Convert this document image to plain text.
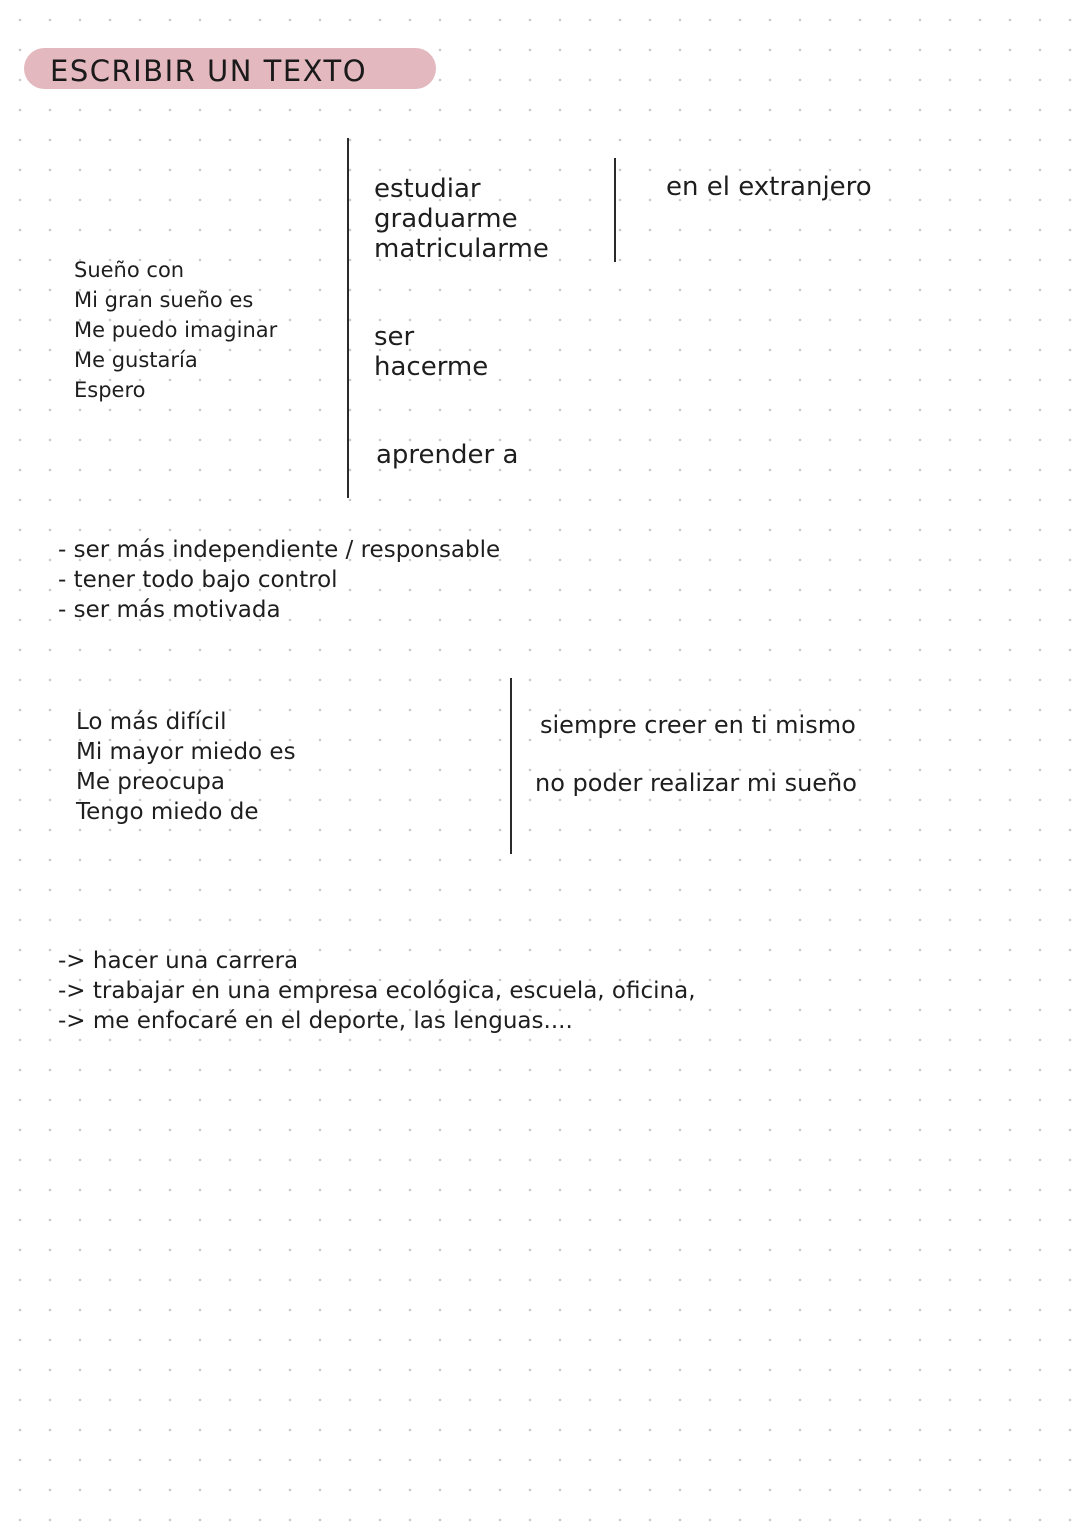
ESCRIBIR UN TEXTO
Sueño con
Mi gran sueño es
Me puedo imaginar
Me gustaría
Espero
estudiar
graduarme
matricularme
en el extranjero
ser
hacerme
aprender a
- ser más independiente / responsable
- tener todo bajo control
- ser más motivada
Lo más difícil
Mi mayor miedo es
Me preocupa
Tengo miedo de
siempre creer en ti mismo
no poder realizar mi sueño
-> hacer una carrera
-> trabajar en una empresa ecológica, escuela, oficina,
-> me enfocaré en el deporte, las lenguas....
